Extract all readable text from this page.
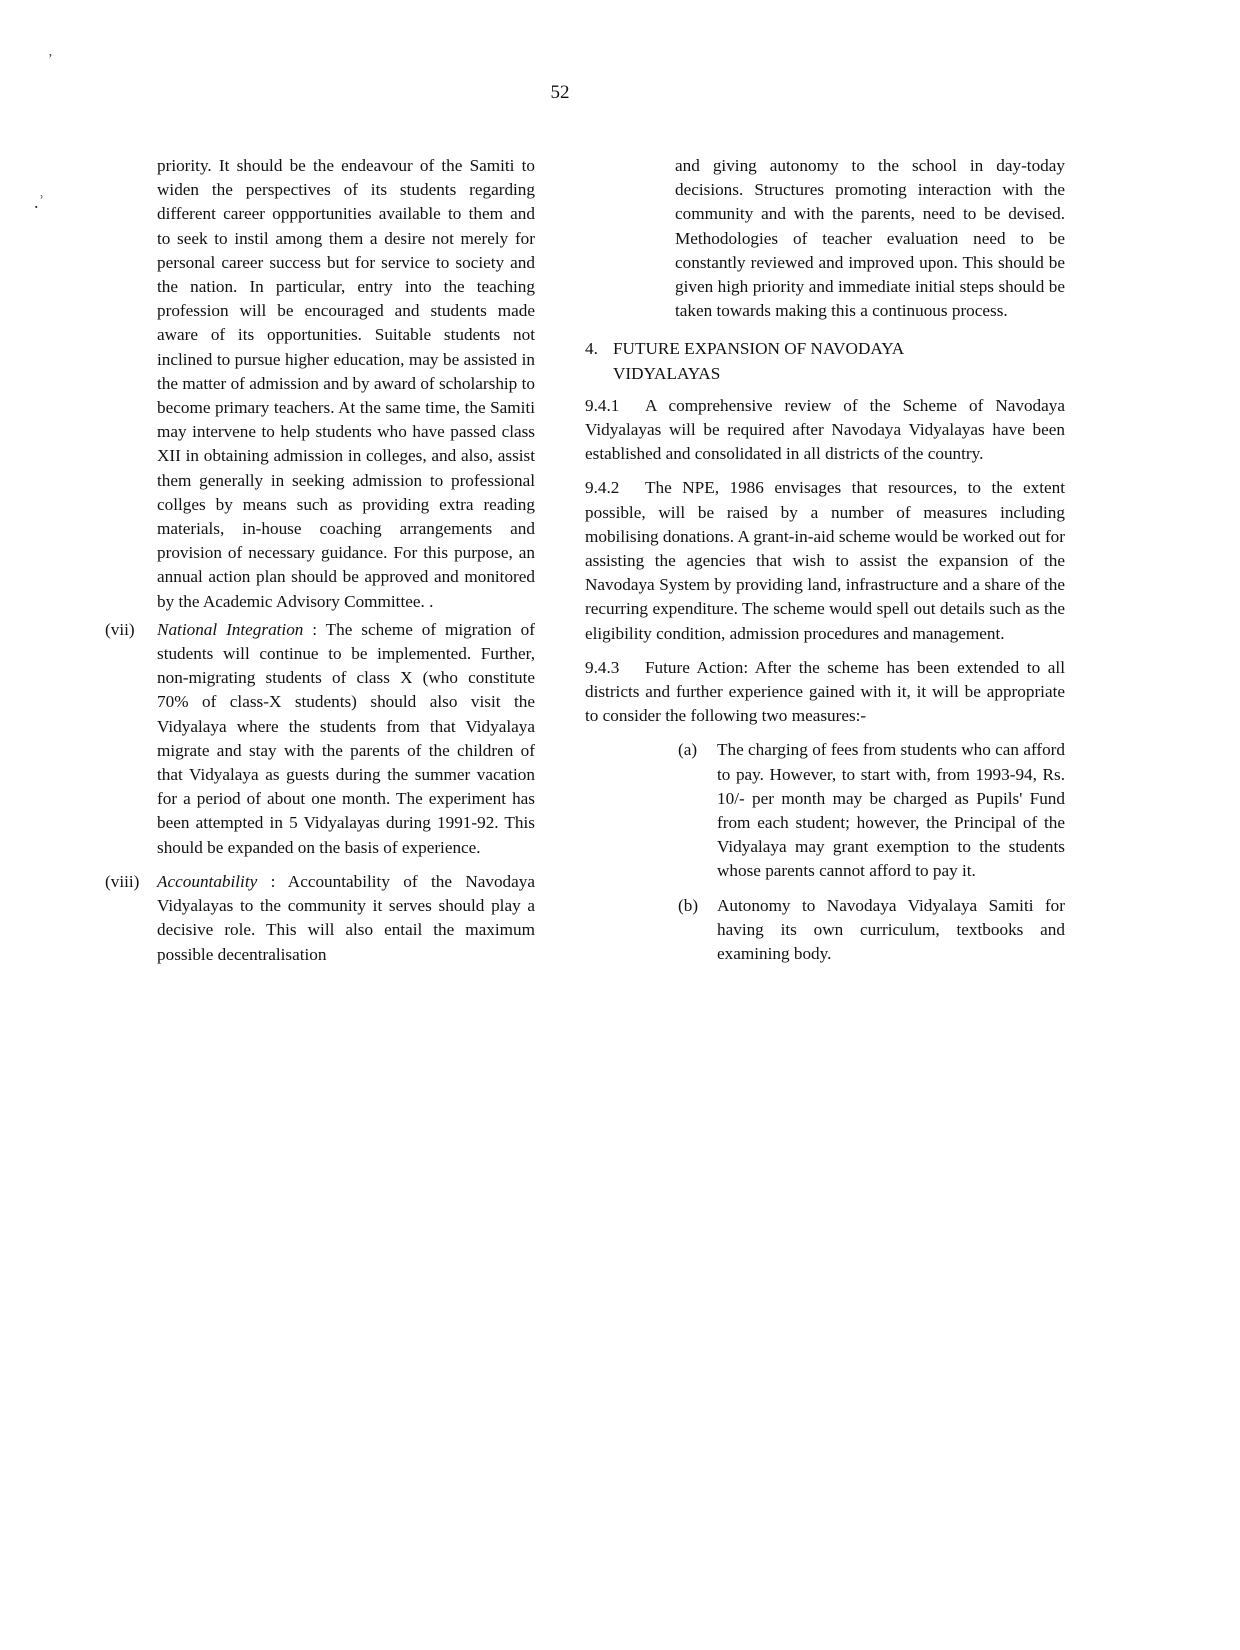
ʼ
.ʾ
52

priority. It should be the endeavour of the Samiti to widen the perspectives of its students regarding different career oppportunities available to them and to seek to instil among them a desire not merely for personal career success but for service to society and the nation. In particular, entry into the teaching profession will be encouraged and students made aware of its opportunities. Suitable students not inclined to pursue higher education, may be assisted in the matter of admission and by award of scholarship to become primary teachers. At the same time, the Samiti may intervene to help students who have passed class XII in obtaining admission in colleges, and also, assist them generally in seeking admission to professional collges by means such as providing extra reading materials, in-house coaching arrangements and provision of necessary guidance. For this purpose, an annual action plan should be approved and monitored by the Academic Advisory Committee. .

(vii) National Integration : The scheme of migration of students will continue to be implemented. Further, non-migrating students of class X (who constitute 70% of class-X students) should also visit the Vidyalaya where the students from that Vidyalaya migrate and stay with the parents of the children of that Vidyalaya as guests during the summer vacation for a period of about one month. The experiment has been attempted in 5 Vidyalayas during 1991-92. This should be expanded on the basis of experience.
(viii) Accountability : Accountability of the Navodaya Vidyalayas to the community it serves should play a decisive role. This will also entail the maximum possible decentralisation

and giving autonomy to the school in day-today decisions. Structures promoting interaction with the community and with the parents, need to be devised. Methodologies of teacher evaluation need to be constantly reviewed and improved upon. This should be given high priority and immediate initial steps should be taken towards making this a continuous process.

4. FUTURE EXPANSION OF NAVODAYA VIDYALAYAS

9.4.1 A comprehensive review of the Scheme of Navodaya Vidyalayas will be required after Navodaya Vidyalayas have been established and consolidated in all districts of the country.

9.4.2 The NPE, 1986 envisages that resources, to the extent possible, will be raised by a number of measures including mobilising donations. A grant-in-aid scheme would be worked out for assisting the agencies that wish to assist the expansion of the Navodaya System by providing land, infrastructure and a share of the recurring expenditure. The scheme would spell out details such as the eligibility condition, admission procedures and management.

9.4.3 Future Action: After the scheme has been extended to all districts and further experience gained with it, it will be appropriate to consider the following two measures:-

(a) The charging of fees from students who can afford to pay. However, to start with, from 1993-94, Rs. 10/- per month may be charged as Pupils' Fund from each student; however, the Principal of the Vidyalaya may grant exemption to the students whose parents cannot afford to pay it.
(b) Autonomy to Navodaya Vidyalaya Samiti for having its own curriculum, textbooks and examining body.
